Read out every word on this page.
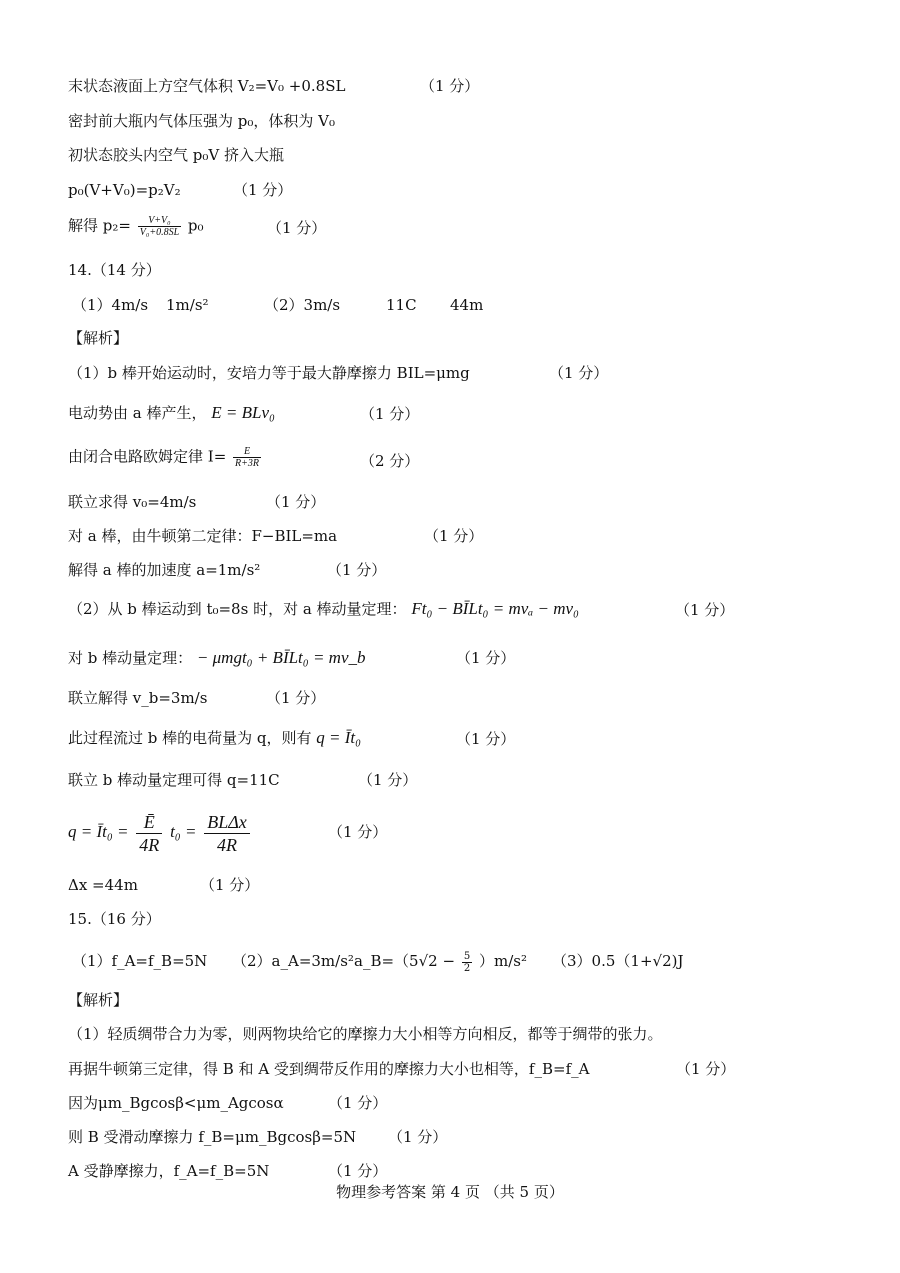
末状态液面上方空气体积 V₂=V₀ +0.8SL	（1 分）
密封前大瓶内气体压强为 p₀，体积为 V₀
初状态胶头内空气 p₀V 挤入大瓶
p₀(V+V₀)=p₂V₂	（1 分）
解得 $p_2= \frac{\text{V+V₀}}{\text{V₀+0.8SL}} p_0$	（1 分）
14.（14 分）
（1）4m/s 1m/s²	（2）3m/s	11C 44m
【解析】
（1）b 棒开始运动时，安培力等于最大静摩擦力 BIL=μmg	（1 分）
电动势由 a 棒产生， E = BLv₀	（1 分）
由闭合电路欧姆定律 $I= \frac{E}{R+3R}$	（2 分）
联立求得 v₀=4m/s	（1 分）
对 a 棒，由牛顿第二定律：F−BIL=ma	（1 分）
解得 a 棒的加速度 a=1m/s²	（1 分）
（2）从 b 棒运动到 t₀=8s 时，对 a 棒动量定理： Ft₀ − BĪLt₀ = mvₐ − mv₀	（1 分）
对 b 棒动量定理： − μmgt₀ + BĪLt₀ = mv_b	（1 分）
联立解得 v_b=3m/s	（1 分）
此过程流过 b 棒的电荷量为 q，则有 q = Īt₀	（1 分）
联立 b 棒动量定理可得 q=11C	（1 分）
q = Īt₀ = $\frac{Ē}{4R} t_0 = \frac{\text{BLΔx}}{4R}$	（1 分）
Δx =44m	（1 分）
15.（16 分）
（1）f_A=f_B=5N （2）a_A=3m/s² a_B=（5√2 − $\frac{5}{2} )m/s^2$ （3）0.5（1+√2)J
【解析】
（1）轻质绸带合力为零，则两物块给它的摩擦力大小相等方向相反，都等于绸带的张力。
再据牛顿第三定律，得 B 和 A 受到绸带反作用的摩擦力大小也相等，f_B=f_A	（1 分）
因为μm_Bgcosβ<μm_Agcosα	（1 分）
则 B 受滑动摩擦力 f_B=μm_Bgcosβ=5N （1 分）
A 受静摩擦力，f_A=f_B=5N	（1 分）
物理参考答案 第 4 页 （共 5 页）
